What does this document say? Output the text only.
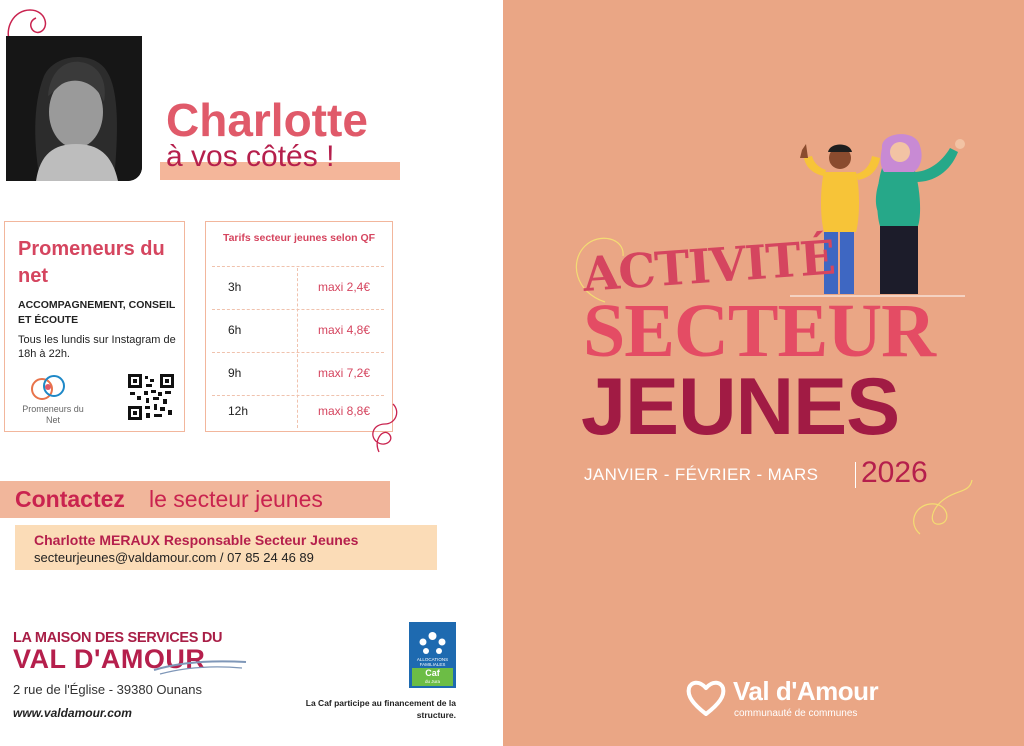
Charlotte
à vos côtés !
Promeneurs du net
ACCOMPAGNEMENT, CONSEIL ET ÉCOUTE
Tous les lundis sur Instagram de 18h à 22h.
Promeneurs du Net
Tarifs secteur jeunes selon QF
3h	maxi 2,4€
6h	maxi 4,8€
9h	maxi 7,2€
12h	maxi 8,8€
Contactez le secteur jeunes
Charlotte MERAUX Responsable Secteur Jeunes
secteurjeunes@valdamour.com / 07 85 24 46 89
LA MAISON DES SERVICES DU
VAL D'AMOUR
2 rue de l'Église - 39380 Ounans
www.valdamour.com
ALLOCATIONS FAMILIALES
Caf
du Jura
La Caf participe au financement de la structure.
ACTIVITÉ
SECTEUR
JEUNES
JANVIER - FÉVRIER - MARS 2026
Val d'Amour
communauté de communes
